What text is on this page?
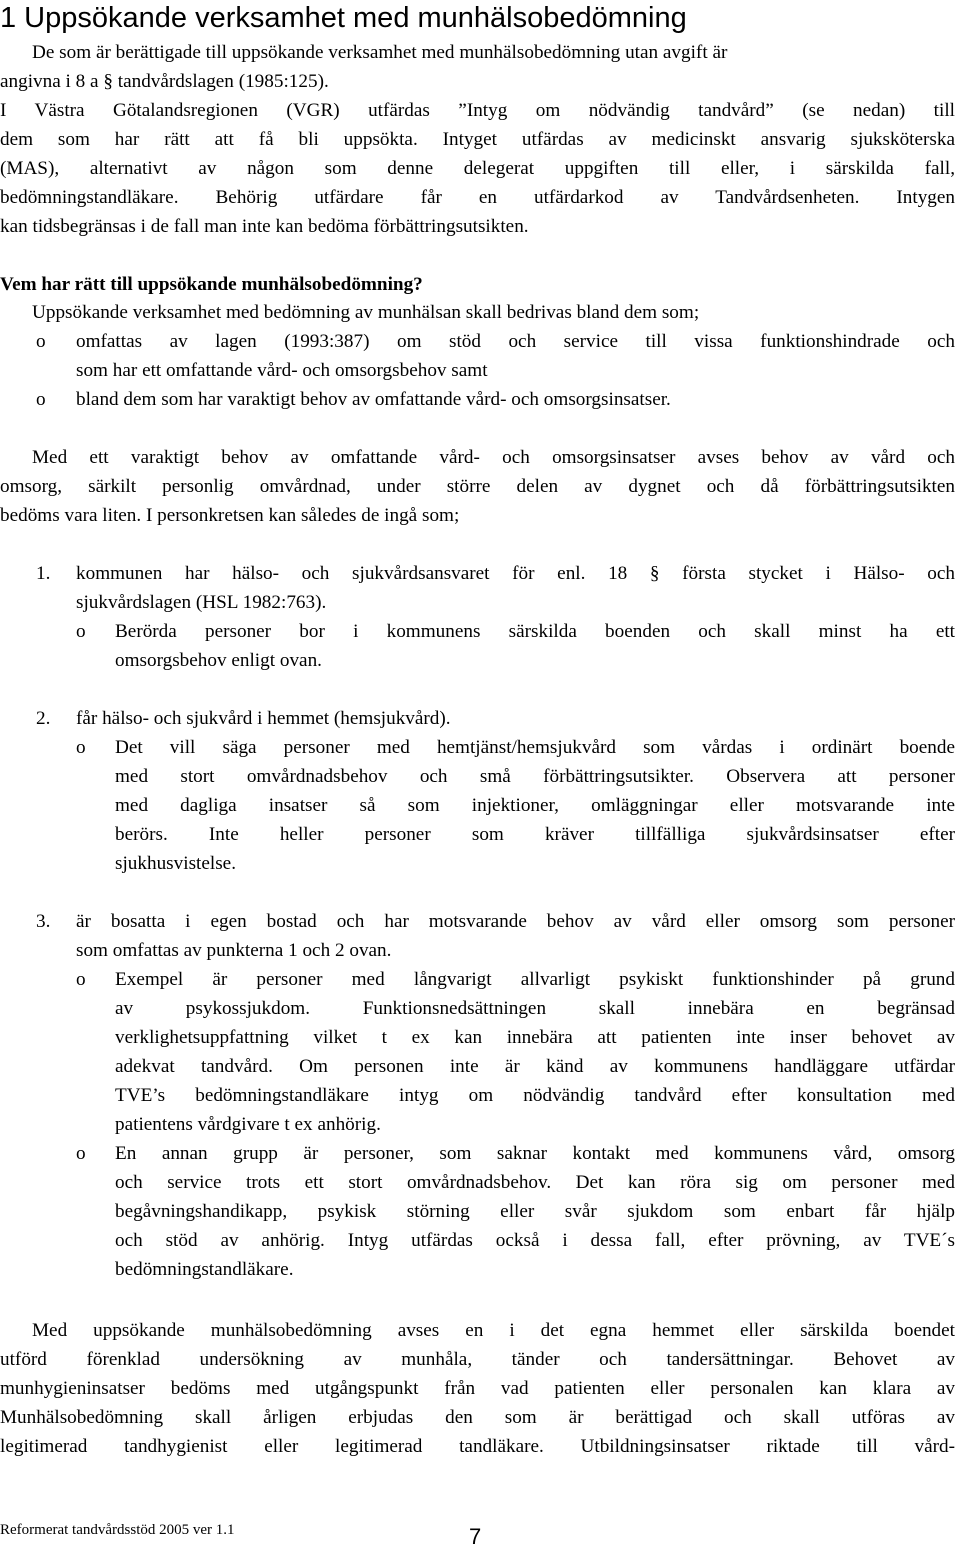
1 Uppsökande verksamhet med munhälsobedömning

De som är berättigade till uppsökande verksamhet med munhälsobedömning utan avgift är

angivna i 8 a § tandvårdslagen (1985:125).

I Västra Götalandsregionen (VGR) utfärdas ”Intyg om nödvändig tandvård” (se nedan) till

dem som har rätt att få bli uppsökta. Intyget utfärdas av medicinskt ansvarig sjuksköterska

(MAS), alternativt av någon som denne delegerat uppgiften till eller, i särskilda fall,

bedömningstandläkare. Behörig utfärdare får en utfärdarkod av Tandvårdsenheten. Intygen

kan tidsbegränsas i de fall man inte kan bedöma förbättringsutsikten.

Vem har rätt till uppsökande munhälsobedömning?

Uppsökande verksamhet med bedömning av munhälsan skall bedrivas bland dem som;

o omfattas av lagen (1993:387) om stöd och service till vissa funktionshindrade och

som har ett omfattande vård- och omsorgsbehov samt

o bland dem som har varaktigt behov av omfattande vård- och omsorgsinsatser.

Med ett varaktigt behov av omfattande vård- och omsorgsinsatser avses behov av vård och

omsorg, särkilt personlig omvårdnad, under större delen av dygnet och då förbättringsutsikten

bedöms vara liten. I personkretsen kan således de ingå som;

1. kommunen har hälso- och sjukvårdsansvaret för enl. 18 § första stycket i Hälso- och

sjukvårdslagen (HSL 1982:763).

o Berörda personer bor i kommunens särskilda boenden och skall minst ha ett

omsorgsbehov enligt ovan.

2. får hälso- och sjukvård i hemmet (hemsjukvård).

o Det vill säga personer med hemtjänst/hemsjukvård som vårdas i ordinärt boende

med stort omvårdnadsbehov och små förbättringsutsikter. Observera att personer

med dagliga insatser så som injektioner, omläggningar eller motsvarande inte

berörs. Inte heller personer som kräver tillfälliga sjukvårdsinsatser efter

sjukhusvistelse.

3. är bosatta i egen bostad och har motsvarande behov av vård eller omsorg som personer

som omfattas av punkterna 1 och 2 ovan.

o Exempel är personer med långvarigt allvarligt psykiskt funktionshinder på grund

av psykossjukdom. Funktionsnedsättningen skall innebära en begränsad

verklighetsuppfattning vilket t ex kan innebära att patienten inte inser behovet av

adekvat tandvård. Om personen inte är känd av kommunens handläggare utfärdar

TVE’s bedömningstandläkare intyg om nödvändig tandvård efter konsultation med

patientens vårdgivare t ex anhörig.

o En annan grupp är personer, som saknar kontakt med kommunens vård, omsorg

och service trots ett stort omvårdnadsbehov. Det kan röra sig om personer med

begåvningshandikapp, psykisk störning eller svår sjukdom som enbart får hjälp

och stöd av anhörig. Intyg utfärdas också i dessa fall, efter prövning, av TVE´s

bedömningstandläkare.

Med uppsökande munhälsobedömning avses en i det egna hemmet eller särskilda boendet

utförd förenklad undersökning av munhåla, tänder och tandersättningar. Behovet av

munhygieninsatser bedöms med utgångspunkt från vad patienten eller personalen kan klara av

Munhälsobedömning skall årligen erbjudas den som är berättigad och skall utföras av

legitimerad tandhygienist eller legitimerad tandläkare. Utbildningsinsatser riktade till vård-

Reformerat tandvårdsstöd 2005 ver 1.1	7
